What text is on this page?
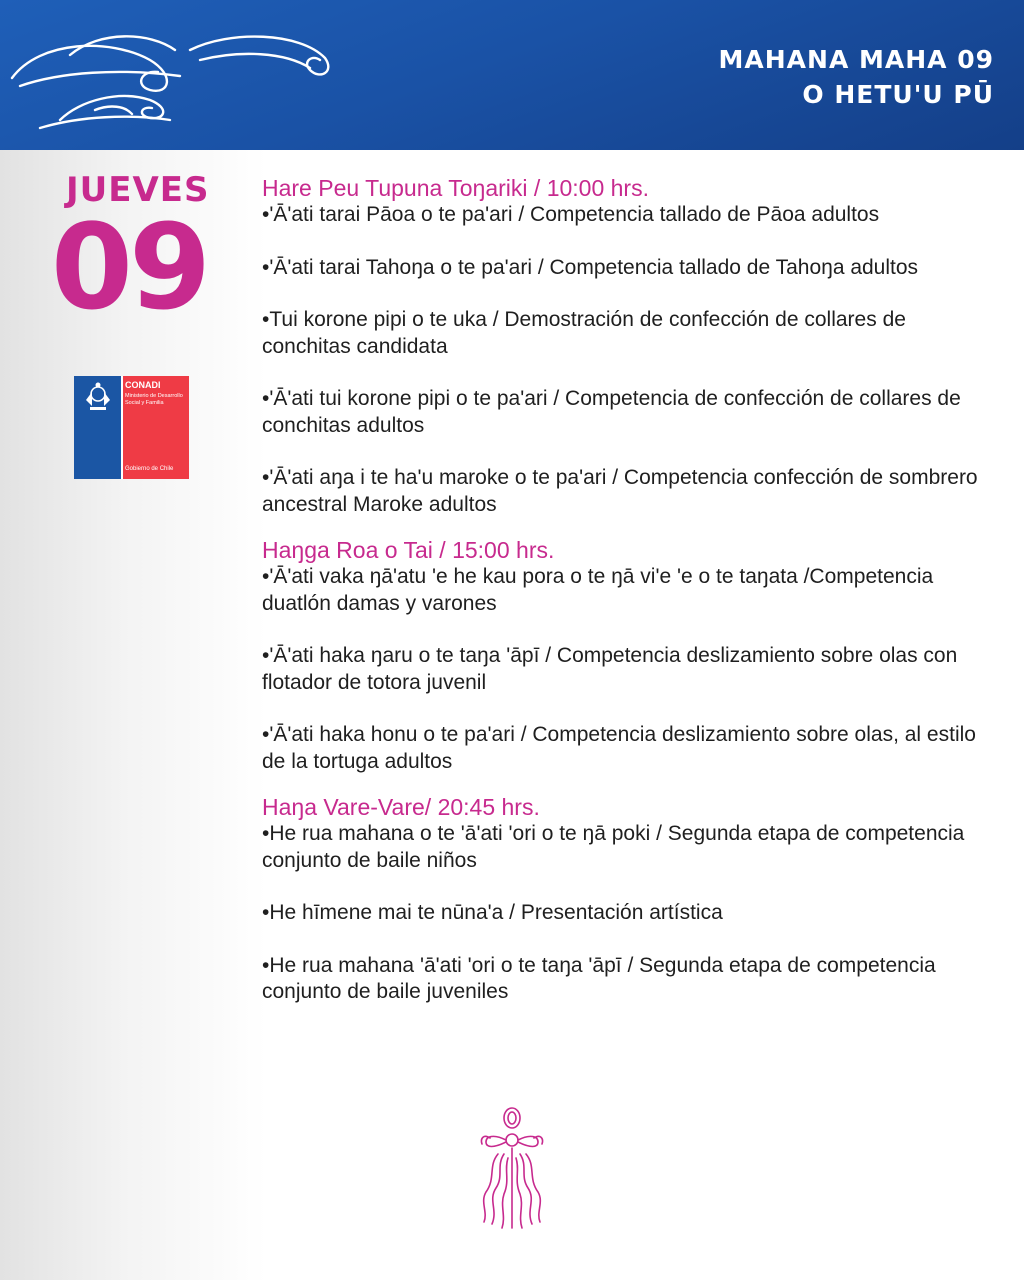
MAHANA MAHA 09
O HETU'U PŪ
JUEVES
09
CONADI
Ministerio de Desarrollo Social y Familia
Gobierno de Chile
Hare Peu Tupuna Toŋariki / 10:00 hrs.

•'Ā'ati tarai Pāoa o te pa'ari / Competencia tallado de Pāoa adultos

•'Ā'ati tarai Tahoŋa o te pa'ari / Competencia tallado de Tahoŋa adultos

•Tui korone pipi o te uka / Demostración de confección de collares de conchitas candidata

•'Ā'ati tui korone pipi o te pa'ari / Competencia de confección de collares de conchitas adultos

•'Ā'ati aŋa i te ha'u maroke o te pa'ari / Competencia confección de sombrero ancestral Maroke adultos

Haŋga Roa o Tai / 15:00 hrs.

•'Ā'ati vaka ŋā'atu 'e he kau pora o te ŋā vi'e 'e o te taŋata /Competencia duatlón damas y varones

•'Ā'ati haka ŋaru o te taŋa 'āpī / Competencia deslizamiento sobre olas con flotador de totora juvenil

•'Ā'ati haka honu o te pa'ari / Competencia deslizamiento sobre olas, al estilo de la tortuga adultos

Haŋa Vare-Vare/ 20:45 hrs.

•He rua mahana o te 'ā'ati 'ori o te ŋā poki / Segunda etapa de competencia conjunto de baile niños

•He hīmene mai te nūna'a / Presentación artística

•He rua mahana 'ā'ati 'ori o te taŋa 'āpī / Segunda etapa de competencia conjunto de baile juveniles
